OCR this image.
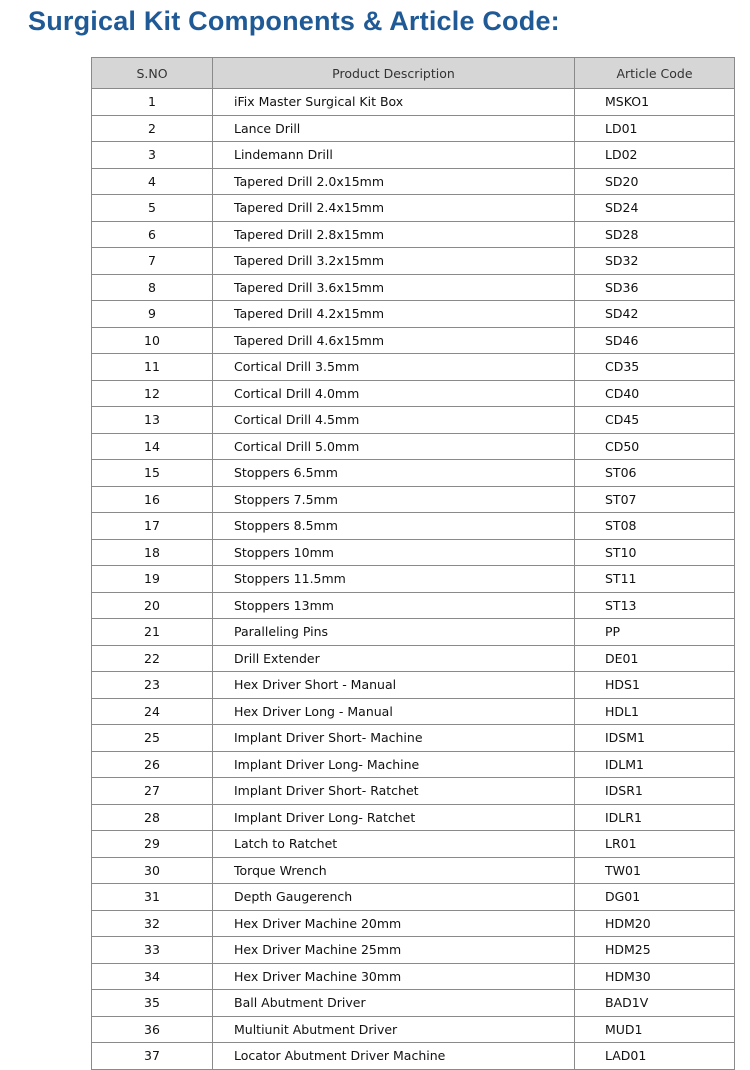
Surgical Kit Components & Article Code:
S.NO	Product Description	Article Code
1	iFix Master Surgical Kit Box	MSKO1
2	Lance Drill	LD01
3	Lindemann Drill	LD02
4	Tapered Drill 2.0x15mm	SD20
5	Tapered Drill 2.4x15mm	SD24
6	Tapered Drill 2.8x15mm	SD28
7	Tapered Drill 3.2x15mm	SD32
8	Tapered Drill 3.6x15mm	SD36
9	Tapered Drill 4.2x15mm	SD42
10	Tapered Drill 4.6x15mm	SD46
11	Cortical Drill 3.5mm	CD35
12	Cortical Drill 4.0mm	CD40
13	Cortical Drill 4.5mm	CD45
14	Cortical Drill 5.0mm	CD50
15	Stoppers 6.5mm	ST06
16	Stoppers 7.5mm	ST07
17	Stoppers 8.5mm	ST08
18	Stoppers 10mm	ST10
19	Stoppers 11.5mm	ST11
20	Stoppers 13mm	ST13
21	Paralleling Pins	PP
22	Drill Extender	DE01
23	Hex Driver Short - Manual	HDS1
24	Hex Driver Long - Manual	HDL1
25	Implant Driver Short- Machine	IDSM1
26	Implant Driver Long- Machine	IDLM1
27	Implant Driver Short- Ratchet	IDSR1
28	Implant Driver Long- Ratchet	IDLR1
29	Latch to Ratchet	LR01
30	Torque Wrench	TW01
31	Depth Gaugerench	DG01
32	Hex Driver Machine 20mm	HDM20
33	Hex Driver Machine 25mm	HDM25
34	Hex Driver Machine 30mm	HDM30
35	Ball Abutment Driver	BAD1V
36	Multiunit Abutment Driver	MUD1
37	Locator Abutment Driver Machine	LAD01
